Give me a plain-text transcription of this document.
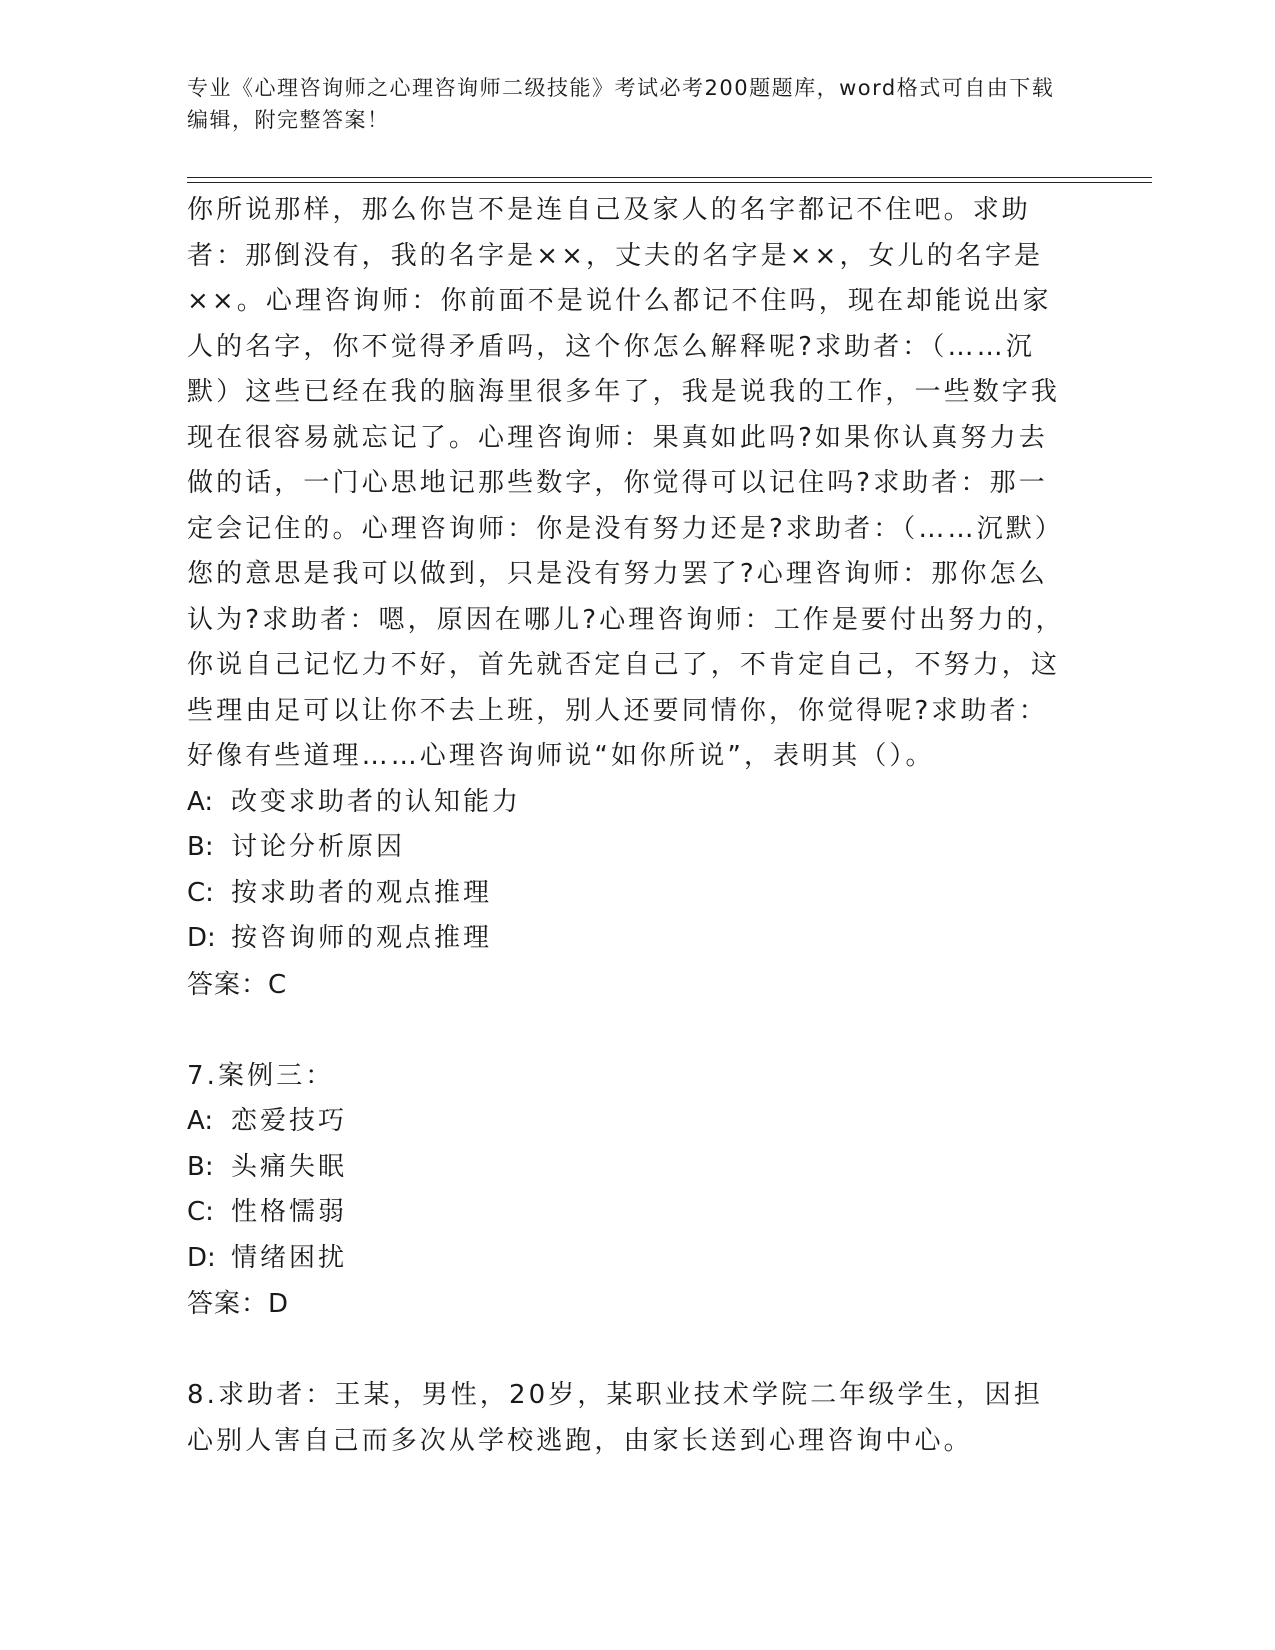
专业《心理咨询师之心理咨询师二级技能》考试必考200题题库，word格式可自由下载编辑，附完整答案！

你所说那样，那么你岂不是连自己及家人的名字都记不住吧。求助者：那倒没有，我的名字是××，丈夫的名字是××，女儿的名字是××。心理咨询师：你前面不是说什么都记不住吗，现在却能说出家人的名字，你不觉得矛盾吗，这个你怎么解释呢?求助者：（……沉默）这些已经在我的脑海里很多年了，我是说我的工作，一些数字我现在很容易就忘记了。心理咨询师：果真如此吗?如果你认真努力去做的话，一门心思地记那些数字，你觉得可以记住吗?求助者：那一定会记住的。心理咨询师：你是没有努力还是?求助者：（……沉默）您的意思是我可以做到，只是没有努力罢了?心理咨询师：那你怎么认为?求助者：嗯，原因在哪儿?心理咨询师：工作是要付出努力的，你说自己记忆力不好，首先就否定自己了，不肯定自己，不努力，这些理由足可以让你不去上班，别人还要同情你，你觉得呢?求助者：好像有些道理……心理咨询师说“如你所说”，表明其（）。

A: 改变求助者的认知能力

B: 讨论分析原因

C: 按求助者的观点推理

D: 按咨询师的观点推理

答案：C

7.案例三：

A: 恋爱技巧

B: 头痛失眠

C: 性格懦弱

D: 情绪困扰

答案：D

8.求助者：王某，男性，20岁，某职业技术学院二年级学生，因担心别人害自己而多次从学校逃跑，由家长送到心理咨询中心。
